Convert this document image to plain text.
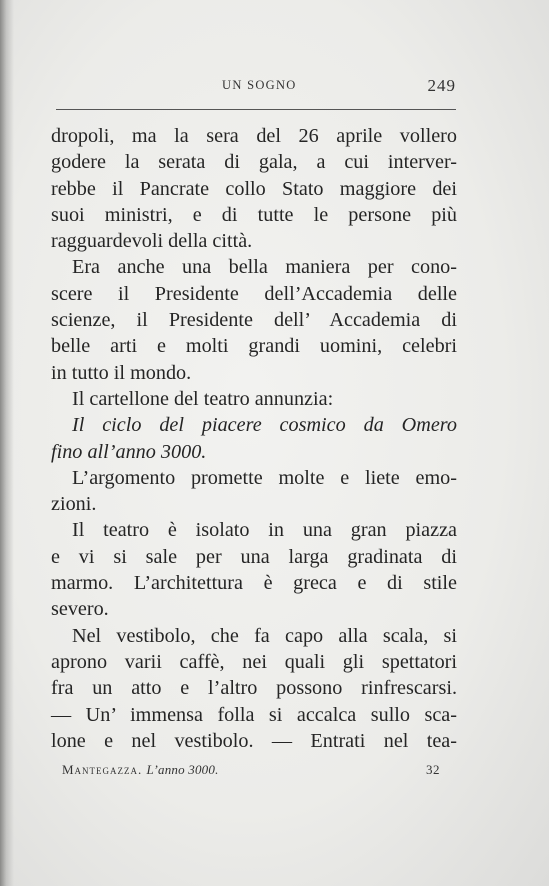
UN SOGNO	249
dropoli, ma la sera del 26 aprile vollero
godere la serata di gala, a cui interver-
rebbe il Pancrate collo Stato maggiore dei
suoi ministri, e di tutte le persone più
ragguardevoli della città.
Era anche una bella maniera per cono-
scere il Presidente dell’Accademia delle
scienze, il Presidente dell’ Accademia di
belle arti e molti grandi uomini, celebri
in tutto il mondo.
Il cartellone del teatro annunzia:
Il ciclo del piacere cosmico da Omero
fino all’anno 3000.
L’argomento promette molte e liete emo-
zioni.
Il teatro è isolato in una gran piazza
e vi si sale per una larga gradinata di
marmo. L’architettura è greca e di stile
severo.
Nel vestibolo, che fa capo alla scala, si
aprono varii caffè, nei quali gli spettatori
fra un atto e l’altro possono rinfrescarsi.
— Un’ immensa folla si accalca sullo sca-
lone e nel vestibolo. — Entrati nel tea-
Mantegazza. L’anno 3000.	32
